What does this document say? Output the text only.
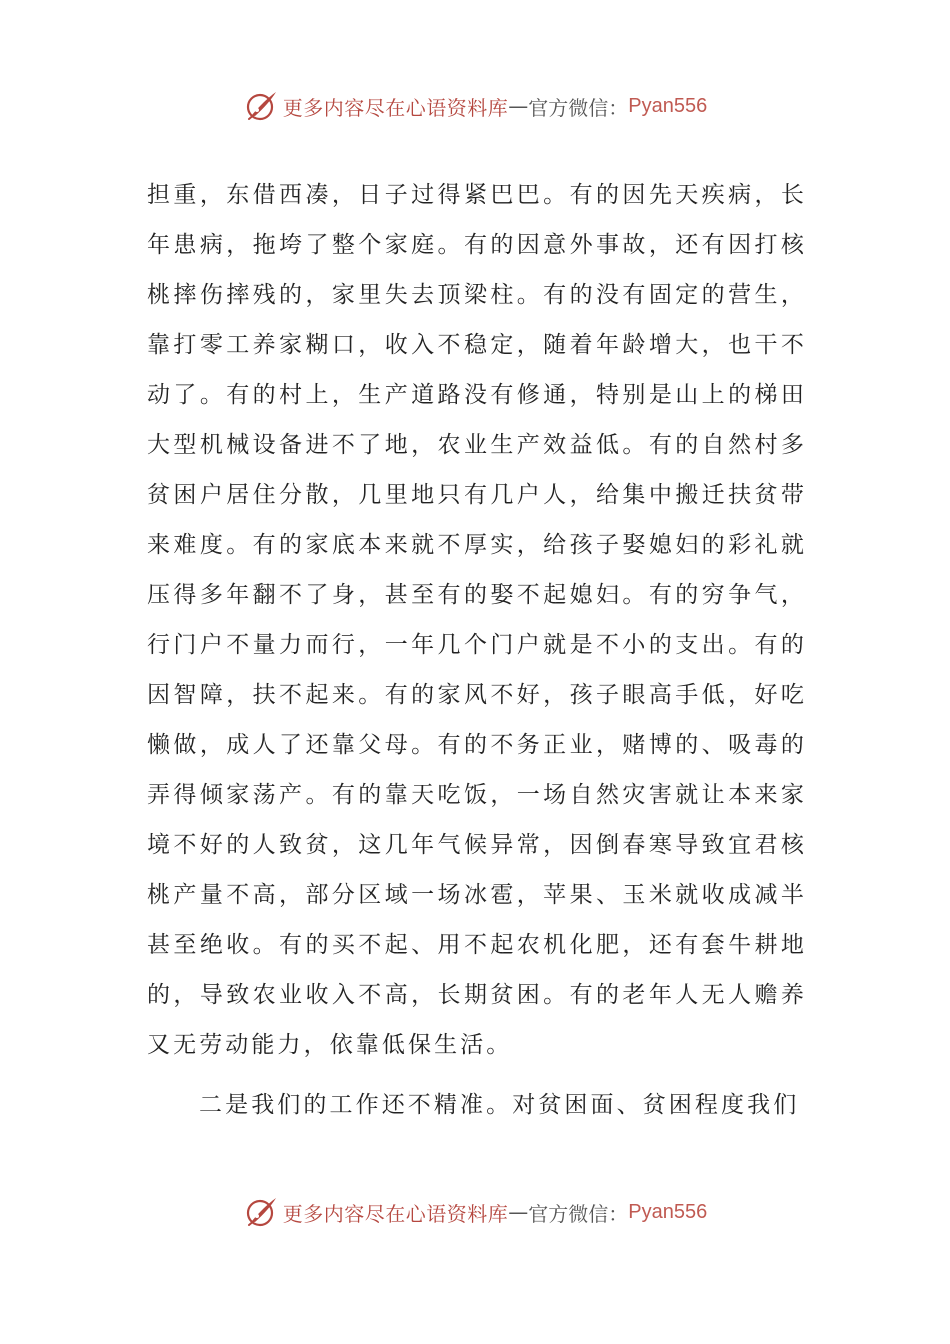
更多内容尽在心语资料库 — 官方微信： Pyan556

担重，东借西凑，日子过得紧巴巴。有的因先天疾病，长年患病，拖垮了整个家庭。有的因意外事故，还有因打核桃摔伤摔残的，家里失去顶梁柱。有的没有固定的营生，靠打零工养家糊口，收入不稳定，随着年龄增大，也干不动了。有的村上，生产道路没有修通，特别是山上的梯田大型机械设备进不了地，农业生产效益低。有的自然村多贫困户居住分散，几里地只有几户人，给集中搬迁扶贫带来难度。有的家底本来就不厚实，给孩子娶媳妇的彩礼就压得多年翻不了身，甚至有的娶不起媳妇。有的穷争气，行门户不量力而行，一年几个门户就是不小的支出。有的因智障，扶不起来。有的家风不好，孩子眼高手低，好吃懒做，成人了还靠父母。有的不务正业，赌博的、吸毒的弄得倾家荡产。有的靠天吃饭，一场自然灾害就让本来家境不好的人致贫，这几年气候异常，因倒春寒导致宜君核桃产量不高，部分区域一场冰雹，苹果、玉米就收成减半甚至绝收。有的买不起、用不起农机化肥，还有套牛耕地的，导致农业收入不高，长期贫困。有的老年人无人赡养又无劳动能力，依靠低保生活。

二是我们的工作还不精准。对贫困面、贫困程度我们

更多内容尽在心语资料库 — 官方微信： Pyan556
